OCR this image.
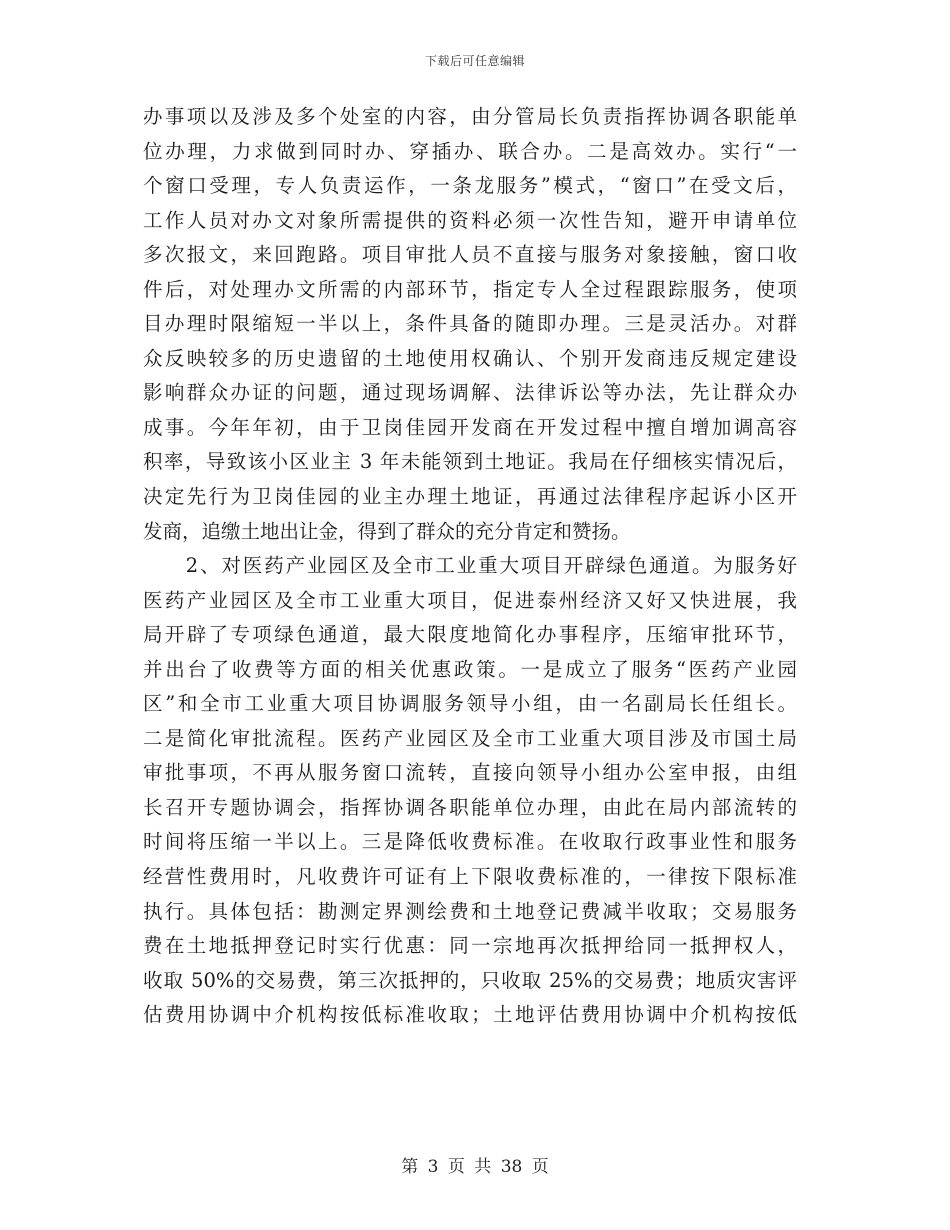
下载后可任意编辑
办事项以及涉及多个处室的内容，由分管局长负责指挥协调各职能单
位办理，力求做到同时办、穿插办、联合办。二是高效办。实行“一
个窗口受理，专人负责运作，一条龙服务”模式，“窗口”在受文后，
工作人员对办文对象所需提供的资料必须一次性告知，避开申请单位
多次报文，来回跑路。项目审批人员不直接与服务对象接触，窗口收
件后，对处理办文所需的内部环节，指定专人全过程跟踪服务，使项
目办理时限缩短一半以上，条件具备的随即办理。三是灵活办。对群
众反映较多的历史遗留的土地使用权确认、个别开发商违反规定建设
影响群众办证的问题，通过现场调解、法律诉讼等办法，先让群众办
成事。今年年初，由于卫岗佳园开发商在开发过程中擅自增加调高容
积率，导致该小区业主 3 年未能领到土地证。我局在仔细核实情况后，
决定先行为卫岗佳园的业主办理土地证，再通过法律程序起诉小区开
发商，追缴土地出让金，得到了群众的充分肯定和赞扬。
　　2、对医药产业园区及全市工业重大项目开辟绿色通道。为服务好
医药产业园区及全市工业重大项目，促进泰州经济又好又快进展，我
局开辟了专项绿色通道，最大限度地简化办事程序，压缩审批环节，
并出台了收费等方面的相关优惠政策。一是成立了服务“医药产业园
区”和全市工业重大项目协调服务领导小组，由一名副局长任组长。
二是简化审批流程。医药产业园区及全市工业重大项目涉及市国土局
审批事项，不再从服务窗口流转，直接向领导小组办公室申报，由组
长召开专题协调会，指挥协调各职能单位办理，由此在局内部流转的
时间将压缩一半以上。三是降低收费标准。在收取行政事业性和服务
经营性费用时，凡收费许可证有上下限收费标准的，一律按下限标准
执行。具体包括：勘测定界测绘费和土地登记费减半收取；交易服务
费在土地抵押登记时实行优惠：同一宗地再次抵押给同一抵押权人，
收取 50%的交易费，第三次抵押的，只收取 25%的交易费；地质灾害评
估费用协调中介机构按低标准收取；土地评估费用协调中介机构按低
第 3 页 共 38 页
